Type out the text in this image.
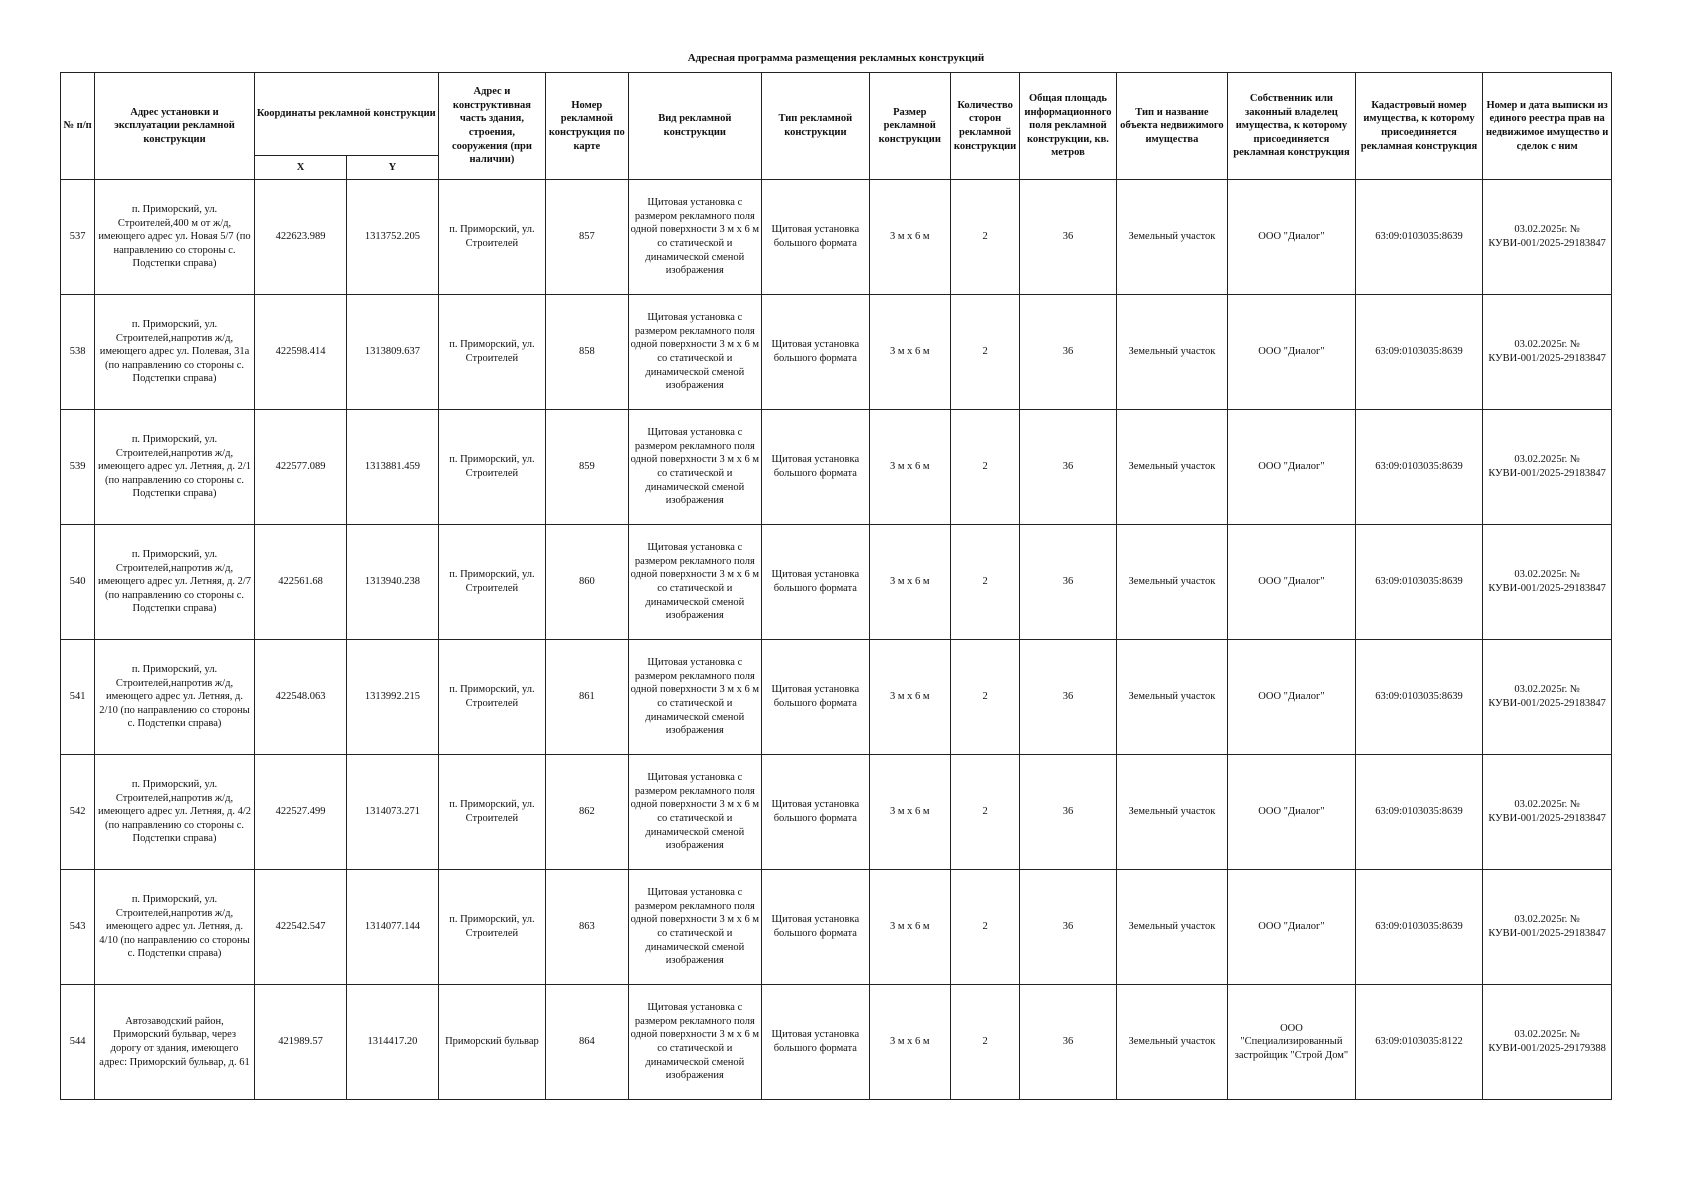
Адресная программа размещения рекламных конструкций
№ п/п	Адрес установки и эксплуатации рекламной конструкции	Координаты рекламной конструкции		Адрес и конструктивная часть здания, строения, сооружения (при наличии)	Номер рекламной конструкция по карте	Вид рекламной конструкции	Тип рекламной конструкции	Размер рекламной конструкции	Количество сторон рекламной конструкции	Общая площадь информационного поля рекламной конструкции, кв. метров	Тип и название объекта недвижимого имущества	Собственник или законный владелец имущества, к которому присоединяется рекламная конструкция	Кадастровый номер имущества, к которому присоединяется рекламная конструкция	Номер и дата выписки из единого реестра прав на недвижимое имущество и сделок с ним
		X	Y											
537	п. Приморский, ул. Строителей,400 м от ж/д, имеющего адрес ул. Новая 5/7 (по направлению со стороны с. Подстепки справа)	422623.989	1313752.205	п. Приморский, ул. Строителей	857	Щитовая установка с размером рекламного поля одной поверхности 3 м х 6 м со статической и динамической сменой изображения	Щитовая установка большого формата	3 м х 6 м	2	36	Земельный участок	ООО "Диалог"	63:09:0103035:8639	03.02.2025г. № КУВИ-001/2025-29183847
538	п. Приморский, ул. Строителей,напротив ж/д, имеющего адрес ул. Полевая, 31а (по направлению со стороны с. Подстепки справа)	422598.414	1313809.637	п. Приморский, ул. Строителей	858	Щитовая установка с размером рекламного поля одной поверхности 3 м х 6 м со статической и динамической сменой изображения	Щитовая установка большого формата	3 м х 6 м	2	36	Земельный участок	ООО "Диалог"	63:09:0103035:8639	03.02.2025г. № КУВИ-001/2025-29183847
539	п. Приморский, ул. Строителей,напротив ж/д, имеющего адрес ул. Летняя, д. 2/1 (по направлению со стороны с. Подстепки справа)	422577.089	1313881.459	п. Приморский, ул. Строителей	859	Щитовая установка с размером рекламного поля одной поверхности 3 м х 6 м со статической и динамической сменой изображения	Щитовая установка большого формата	3 м х 6 м	2	36	Земельный участок	ООО "Диалог"	63:09:0103035:8639	03.02.2025г. № КУВИ-001/2025-29183847
540	п. Приморский, ул. Строителей,напротив ж/д, имеющего адрес ул. Летняя, д. 2/7 (по направлению со стороны с. Подстепки справа)	422561.68	1313940.238	п. Приморский, ул. Строителей	860	Щитовая установка с размером рекламного поля одной поверхности 3 м х 6 м со статической и динамической сменой изображения	Щитовая установка большого формата	3 м х 6 м	2	36	Земельный участок	ООО "Диалог"	63:09:0103035:8639	03.02.2025г. № КУВИ-001/2025-29183847
541	п. Приморский, ул. Строителей,напротив ж/д, имеющего адрес ул. Летняя, д. 2/10 (по направлению со стороны с. Подстепки справа)	422548.063	1313992.215	п. Приморский, ул. Строителей	861	Щитовая установка с размером рекламного поля одной поверхности 3 м х 6 м со статической и динамической сменой изображения	Щитовая установка большого формата	3 м х 6 м	2	36	Земельный участок	ООО "Диалог"	63:09:0103035:8639	03.02.2025г. № КУВИ-001/2025-29183847
542	п. Приморский, ул. Строителей,напротив ж/д, имеющего адрес ул. Летняя, д. 4/2 (по направлению со стороны с. Подстепки справа)	422527.499	1314073.271	п. Приморский, ул. Строителей	862	Щитовая установка с размером рекламного поля одной поверхности 3 м х 6 м со статической и динамической сменой изображения	Щитовая установка большого формата	3 м х 6 м	2	36	Земельный участок	ООО "Диалог"	63:09:0103035:8639	03.02.2025г. № КУВИ-001/2025-29183847
543	п. Приморский, ул. Строителей,напротив ж/д, имеющего адрес ул. Летняя, д. 4/10 (по направлению со стороны с. Подстепки справа)	422542.547	1314077.144	п. Приморский, ул. Строителей	863	Щитовая установка с размером рекламного поля одной поверхности 3 м х 6 м со статической и динамической сменой изображения	Щитовая установка большого формата	3 м х 6 м	2	36	Земельный участок	ООО "Диалог"	63:09:0103035:8639	03.02.2025г. № КУВИ-001/2025-29183847
544	Автозаводский район, Приморский бульвар, через дорогу от здания, имеющего адрес: Приморский бульвар, д. 61	421989.57	1314417.20	Приморский бульвар	864	Щитовая установка с размером рекламного поля одной поверхности 3 м х 6 м со статической и динамической сменой изображения	Щитовая установка большого формата	3 м х 6 м	2	36	Земельный участок	ООО "Специализированный застройщик "Строй Дом"	63:09:0103035:8122	03.02.2025г. № КУВИ-001/2025-29179388
